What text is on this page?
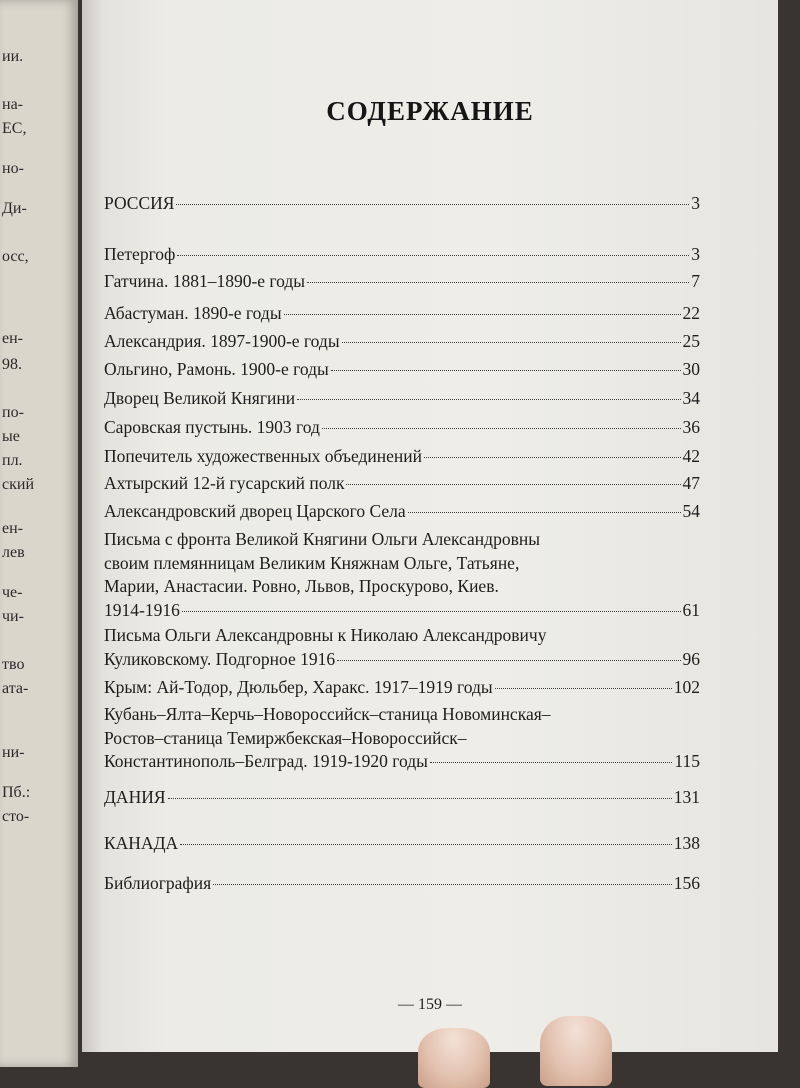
ии.
на-
ЕС,
но-
Ди-
осс,
ен-
98.
по-
ые
пл.
ский
ен-
лев
че-
чи-
тво
ата-
ни-
Пб.:
сто-
СОДЕРЖАНИЕ
РОССИЯ	3
Петергоф	3
Гатчина. 1881–1890-е годы	7
Абастуман. 1890-е годы	22
Александрия. 1897-1900-е годы	25
Ольгино, Рамонь. 1900-е годы	30
Дворец Великой Княгини	34
Саровская пустынь. 1903 год	36
Попечитель художественных объединений	42
Ахтырский 12-й гусарский полк	47
Александровский дворец Царского Села	54
Письма с фронта Великой Княгини Ольги Александровны
своим племянницам Великим Княжнам Ольге, Татьяне,
Марии, Анастасии. Ровно, Львов, Проскурово, Киев.
1914-1916	61
Письма Ольги Александровны к Николаю Александровичу
Куликовскому. Подгорное 1916	96
Крым: Ай-Тодор, Дюльбер, Харакс. 1917–1919 годы	102
Кубань–Ялта–Керчь–Новороссийск–станица Новоминская–
Ростов–станица Темиржбекская–Новороссийск–
Константинополь–Белград. 1919-1920 годы	115
ДАНИЯ	131
КАНАДА	138
Библиография	156
— 159 —
